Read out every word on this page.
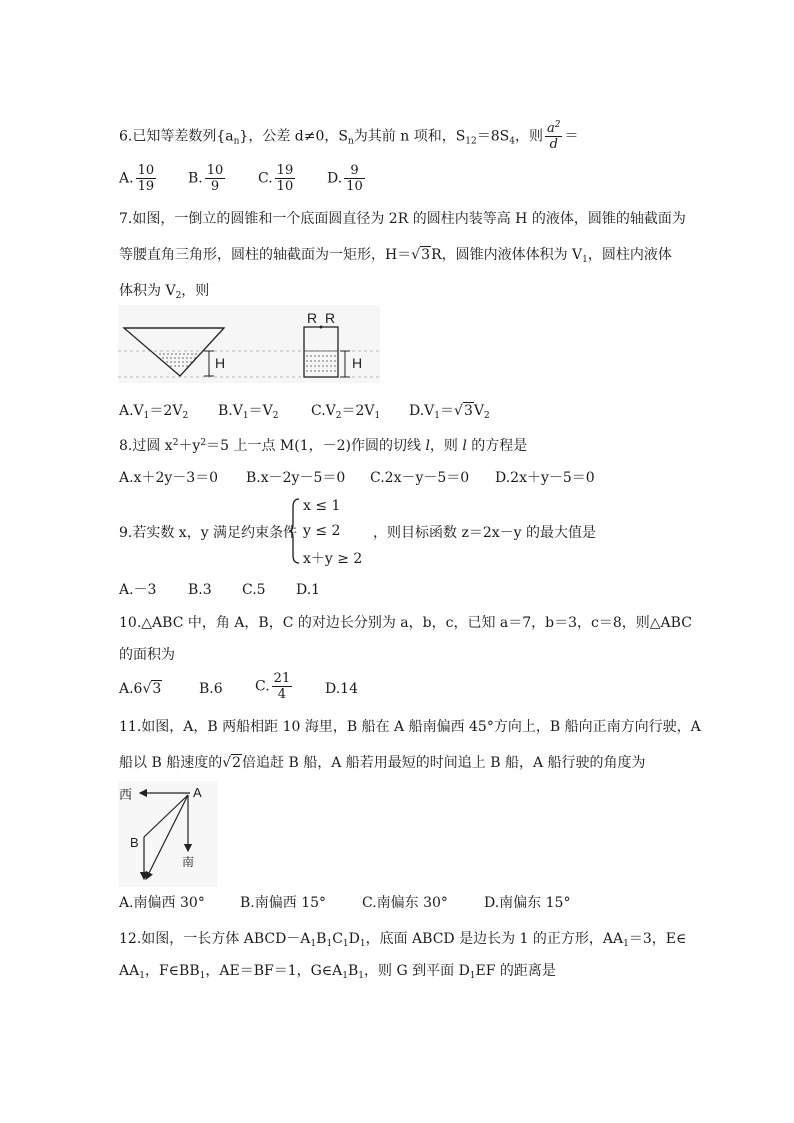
6.已知等差数列$\{a_n\}$，公差 d≠0，$S_n$为其前 n 项和，$S_{12}=8S_4$，则 $\frac{a^2}{d}$ ＝
A. $\frac{10}{19} B$. $\frac{10}{9} C$. $\frac{19}{10} D$. $\frac{9}{10}$
7.如图，一倒立的圆锥和一个底面圆直径为 2R 的圆柱内装等高 H 的液体，圆锥的轴截面为
等腰直角三角形，圆柱的轴截面为一矩形，H＝√3R，圆锥内液体体积为 $V_1$，圆柱内液体
体积为 $V_2$，则
H
R R
H
$A.V_1=2V_2$ $B.V_1=V_2$ $C.V_2=2V_1$ $D.V_1=√3V_2$
8.过圆 $x^2+y^2=5$ 上一点 M(1，－2)作圆的切线 l，则 l 的方程是
A.x＋2y－3＝0 B.x－2y－5＝0 C.2x－y－5＝0 D.2x＋y－5＝0
9.若实数 x，y 满足约束条件
x ≤ 1
y ≤ 2
x＋y ≥ 2
，则目标函数 z＝2x－y 的最大值是
A.－3 B.3 C.5 D.1
10.△ABC 中，角 A，B，C 的对边长分别为 a，b，c，已知 a＝7，b＝3，c＝8，则△ABC
的面积为
A.6√3	B.6 C. $\frac{21}{4} D.14$
11.如图，A，B 两船相距 10 海里，B 船在 A 船南偏西 45°方向上，B 船向正南方向行驶，A
船以 B 船速度的√2倍追赶 B 船，A 船若用最短的时间追上 B 船，A 船行驶的角度为
西	A
南
B
A.南偏西 30°	B.南偏西 15°	C.南偏东 30°	D.南偏东 15°
12.如图，一长方体 $ABCD-A_1B_1C_1D_1$，底面 ABCD 是边长为 1 的正方形，$AA_1=3$，E∈
$AA_1$，$F\in BB_1$，AE＝BF＝1，$G\in A_1B_1$，则 G 到平面 $D_1EF$ 的距离是
